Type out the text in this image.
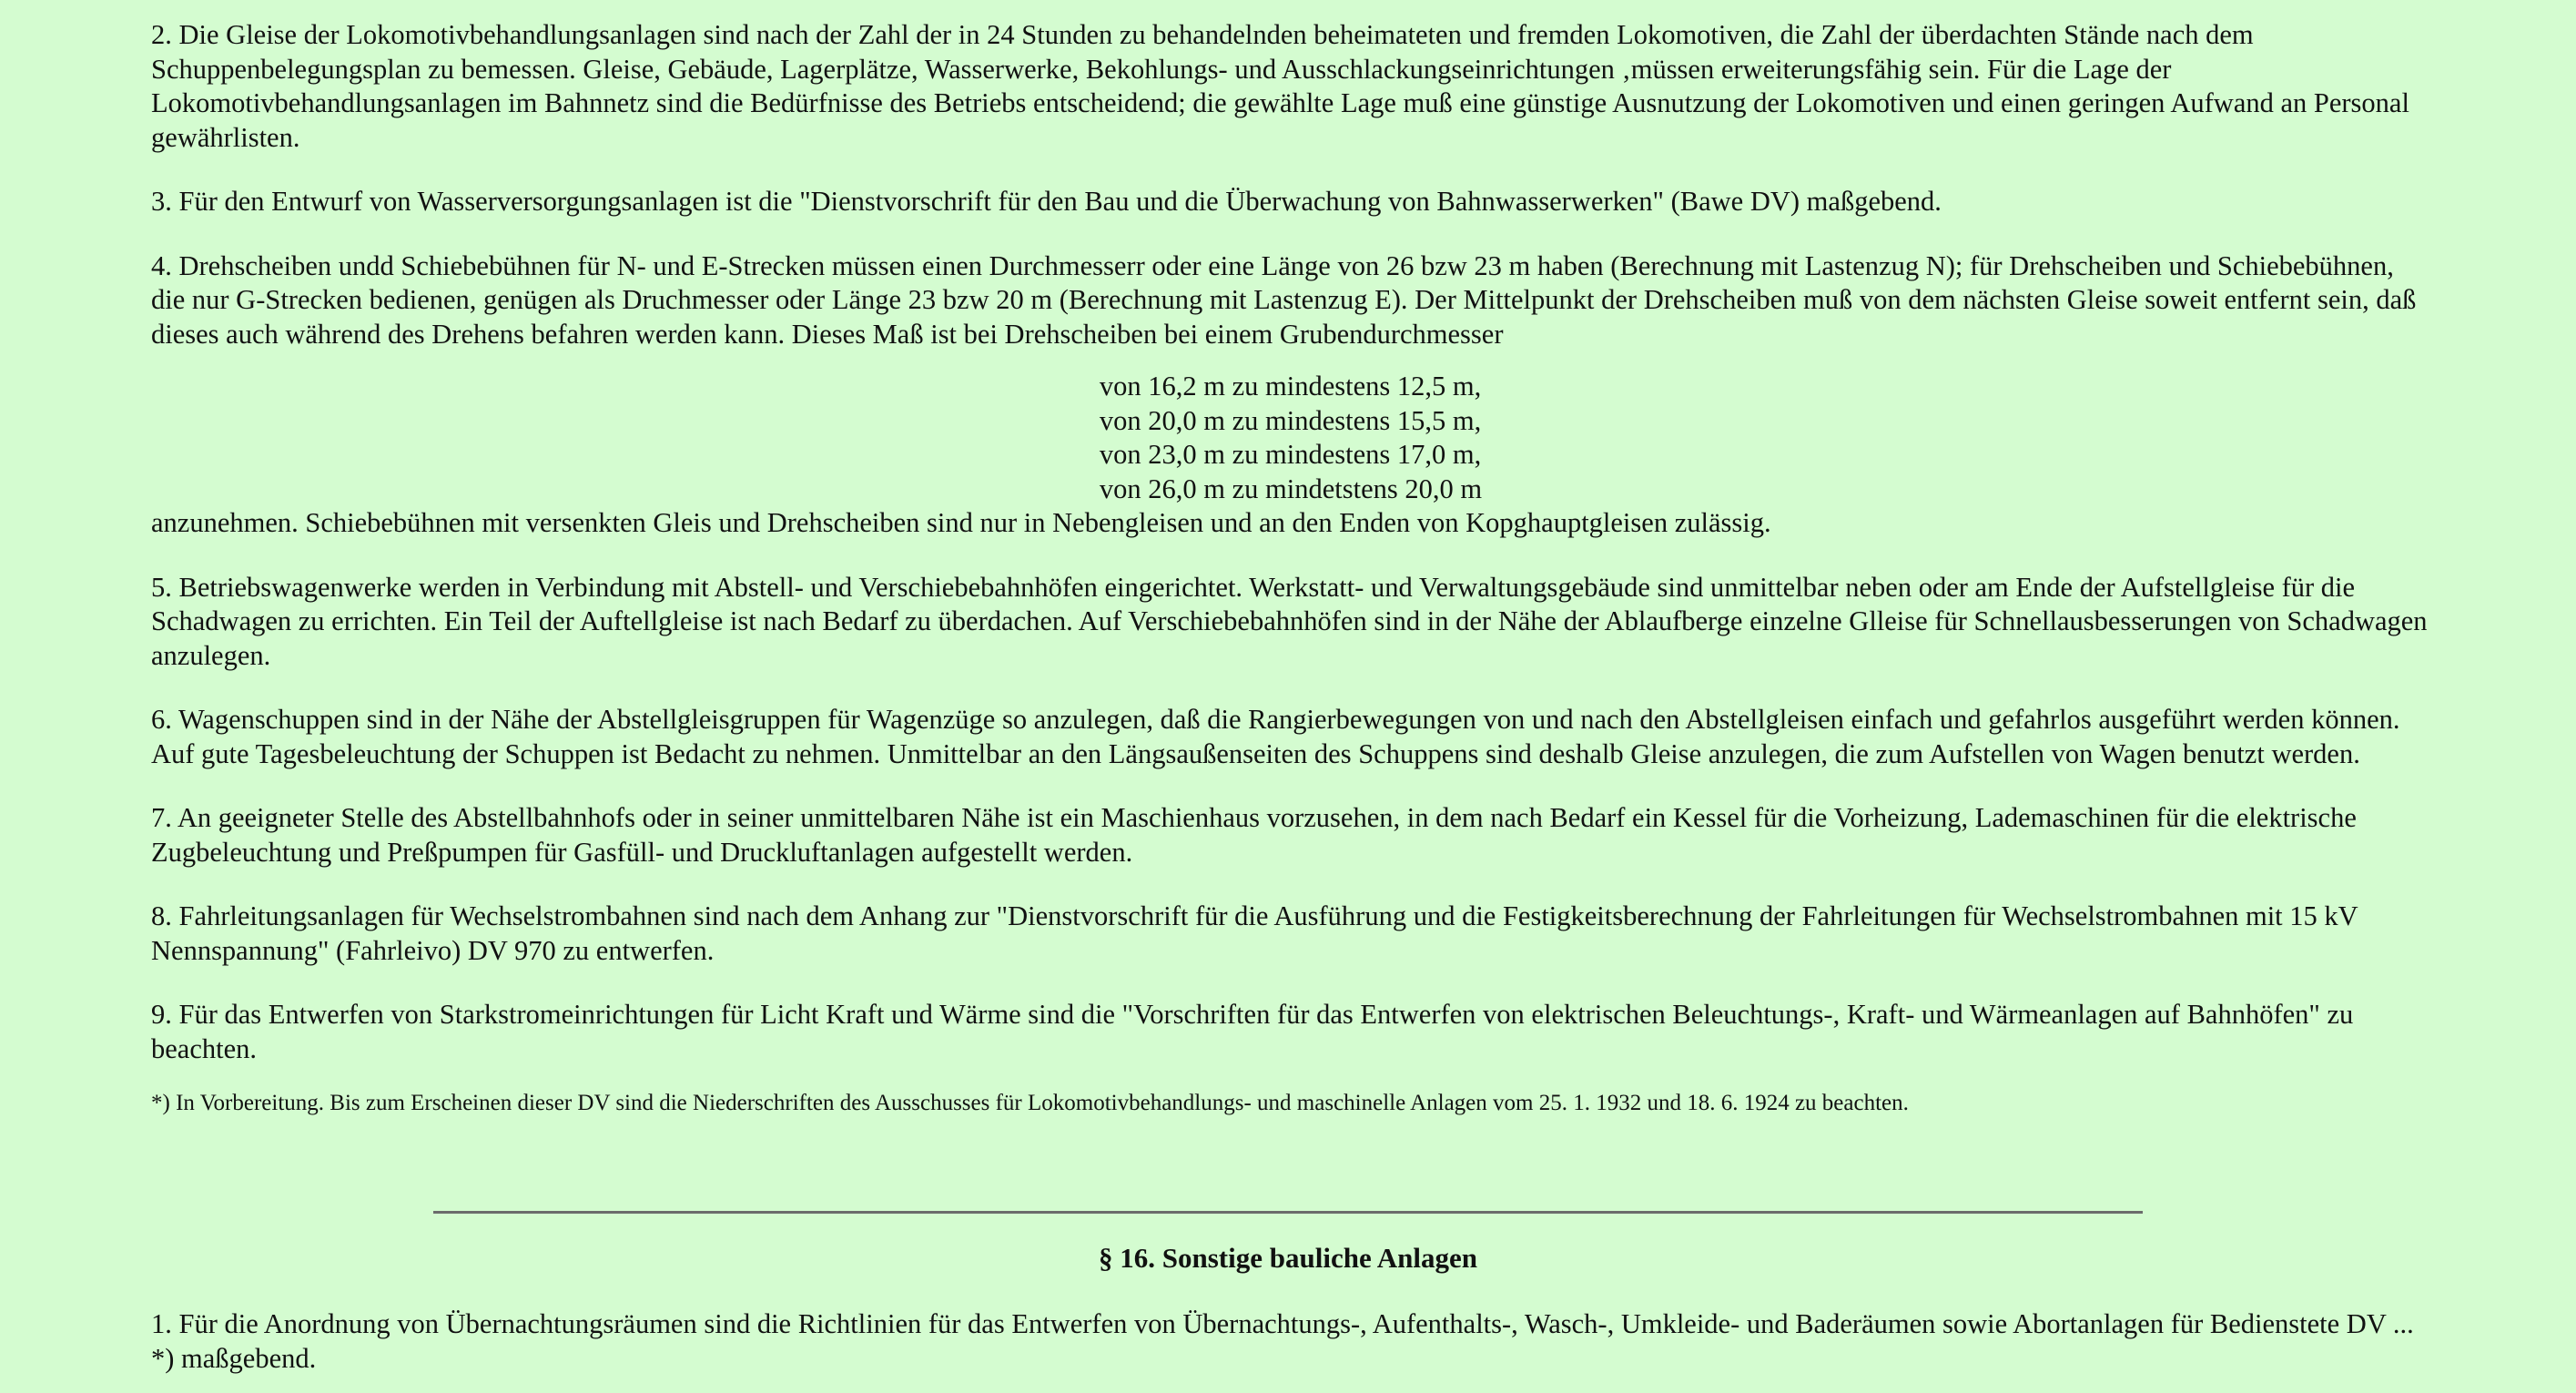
2. Die Gleise der Lokomotivbehandlungsanlagen sind nach der Zahl der in 24 Stunden zu behandelnden beheimateten und fremden Lokomotiven, die Zahl der überdachten Stände nach dem Schuppenbelegungsplan zu bemessen. Gleise, Gebäude, Lagerplätze, Wasserwerke, Bekohlungs- und Ausschlackungseinrichtungen ‚müssen erweiterungsfähig sein. Für die Lage der Lokomotivbehandlungsanlagen im Bahnnetz sind die Bedürfnisse des Betriebs entscheidend; die gewählte Lage muß eine günstige Ausnutzung der Lokomotiven und einen geringen Aufwand an Personal gewährlisten.

3. Für den Entwurf von Wasserversorgungsanlagen ist die "Dienstvorschrift für den Bau und die Überwachung von Bahnwasserwerken" (Bawe DV) maßgebend.

4. Drehscheiben undd Schiebebühnen für N- und E-Strecken müssen einen Durchmesserr oder eine Länge von 26 bzw 23 m haben (Berechnung mit Lastenzug N); für Drehscheiben und Schiebebühnen, die nur G-Strecken bedienen, genügen als Druchmesser oder Länge 23 bzw 20 m (Berechnung mit Lastenzug E). Der Mittelpunkt der Drehscheiben muß von dem nächsten Gleise soweit entfernt sein, daß dieses auch während des Drehens befahren werden kann. Dieses Maß ist bei Drehscheiben bei einem Grubendurchmesser

von 16,2 m zu mindestens 12,5 m,
von 20,0 m zu mindestens 15,5 m,
von 23,0 m zu mindestens 17,0 m,
von 26,0 m zu mindetstens 20,0 m

anzunehmen. Schiebebühnen mit versenkten Gleis und Drehscheiben sind nur in Nebengleisen und an den Enden von Kopghauptgleisen zulässig.

5. Betriebswagenwerke werden in Verbindung mit Abstell- und Verschiebebahnhöfen eingerichtet. Werkstatt- und Verwaltungsgebäude sind unmittelbar neben oder am Ende der Aufstellgleise für die Schadwagen zu errichten. Ein Teil der Auftellgleise ist nach Bedarf zu überdachen. Auf Verschiebebahnhöfen sind in der Nähe der Ablaufberge einzelne Glleise für Schnellausbesserungen von Schadwagen anzulegen.

6. Wagenschuppen sind in der Nähe der Abstellgleisgruppen für Wagenzüge so anzulegen, daß die Rangierbewegungen von und nach den Abstellgleisen einfach und gefahrlos ausgeführt werden können. Auf gute Tagesbeleuchtung der Schuppen ist Bedacht zu nehmen. Unmittelbar an den Längsaußenseiten des Schuppens sind deshalb Gleise anzulegen, die zum Aufstellen von Wagen benutzt werden.

7. An geeigneter Stelle des Abstellbahnhofs oder in seiner unmittelbaren Nähe ist ein Maschienhaus vorzusehen, in dem nach Bedarf ein Kessel für die Vorheizung, Lademaschinen für die elektrische Zugbeleuchtung und Preßpumpen für Gasfüll- und Druckluftanlagen aufgestellt werden.

8. Fahrleitungsanlagen für Wechselstrombahnen sind nach dem Anhang zur "Dienstvorschrift für die Ausführung und die Festigkeitsberechnung der Fahrleitungen für Wechselstrombahnen mit 15 kV Nennspannung" (Fahrleivo) DV 970 zu entwerfen.

9. Für das Entwerfen von Starkstromeinrichtungen für Licht Kraft und Wärme sind die "Vorschriften für das Entwerfen von elektrischen Beleuchtungs-, Kraft- und Wärmeanlagen auf Bahnhöfen" zu beachten.

*) In Vorbereitung. Bis zum Erscheinen dieser DV sind die Niederschriften des Ausschusses für Lokomotivbehandlungs- und maschinelle Anlagen vom 25. 1. 1932 und 18. 6. 1924 zu beachten.

§ 16. Sonstige bauliche Anlagen

1. Für die Anordnung von Übernachtungsräumen sind die Richtlinien für das Entwerfen von Übernachtungs-, Aufenthalts-, Wasch-, Umkleide- und Baderäumen sowie Abortanlagen für Bedienstete DV ... *) maßgebend.
